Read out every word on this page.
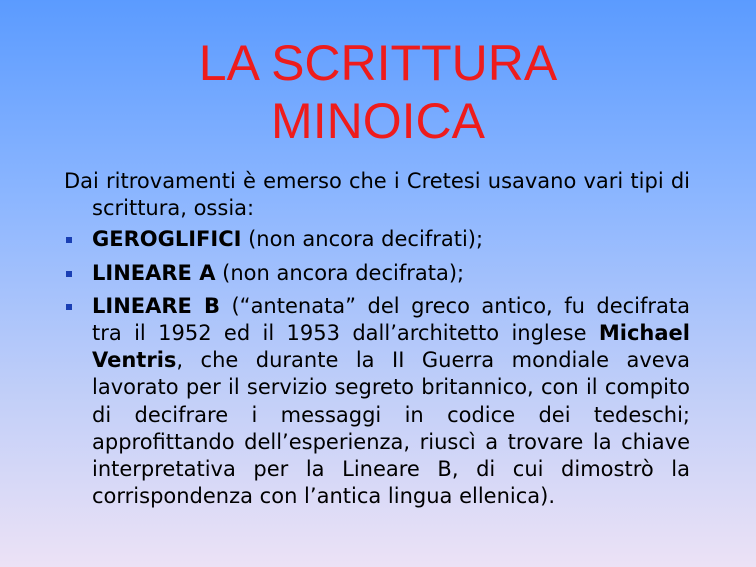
LA SCRITTURA
MINOICA

Dai ritrovamenti è emerso che i Cretesi usavano vari tipi di scrittura, ossia:

GEROGLIFICI (non ancora decifrati);
LINEARE A (non ancora decifrata);
LINEARE B (“antenata” del greco antico, fu decifrata tra il 1952 ed il 1953 dall’architetto inglese Michael Ventris, che durante la II Guerra mondiale aveva lavorato per il servizio segreto britannico, con il compito di decifrare i messaggi in codice dei tedeschi; approfittando dell’esperienza, riuscì a trovare la chiave interpretativa per la Lineare B, di cui dimostrò la corrispondenza con l’antica lingua ellenica).
